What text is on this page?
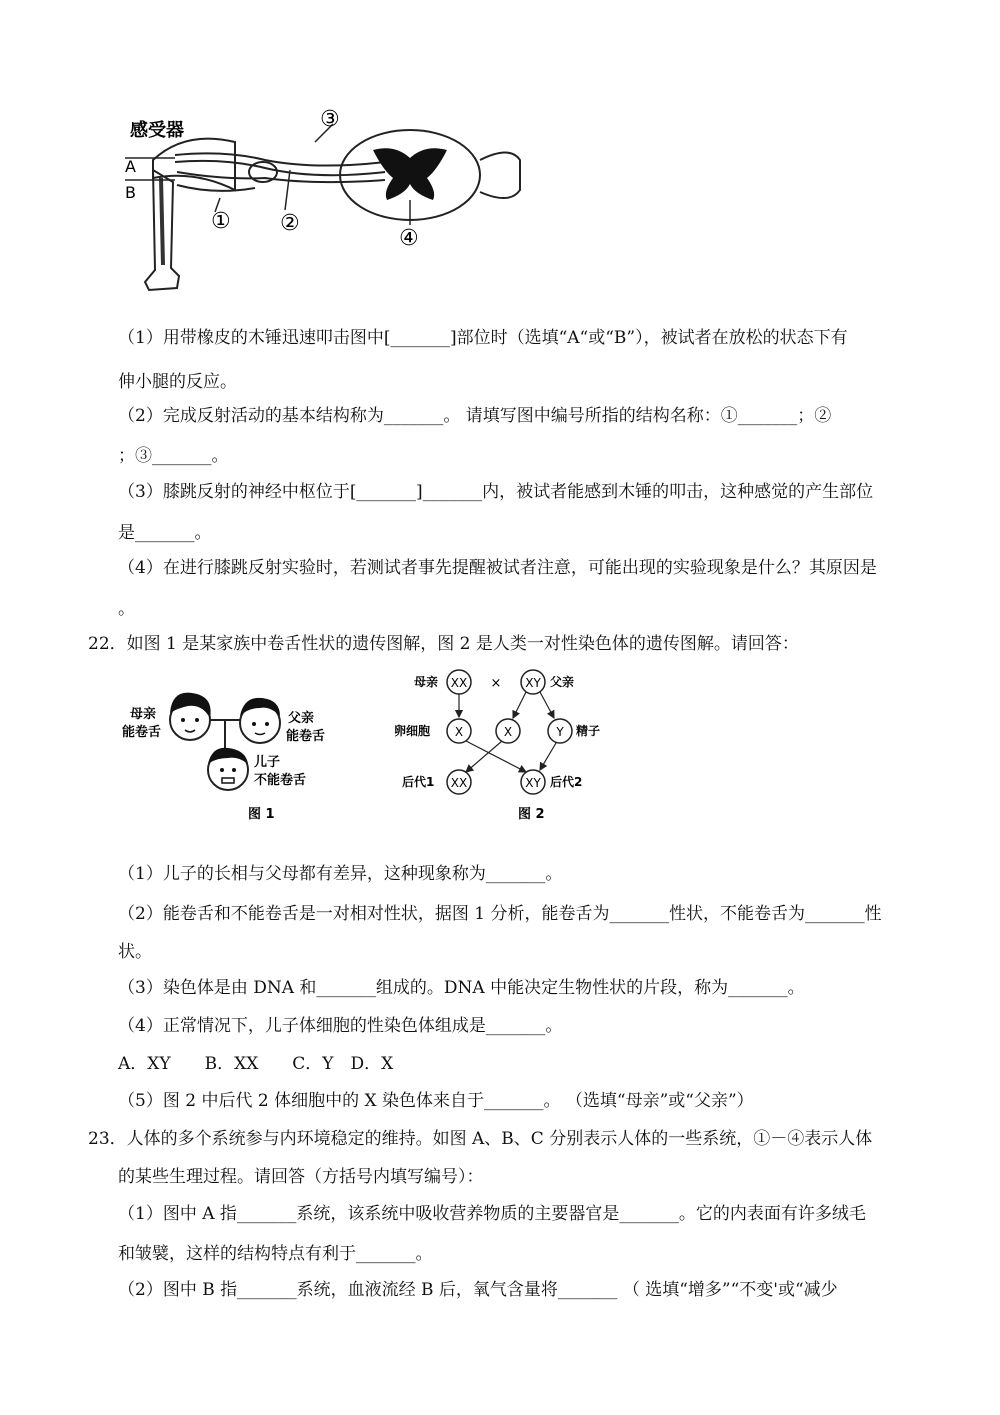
感受器
A
B
① ②
③
④
（1）用带橡皮的木锤迅速叩击图中[_______]部位时（选填“A“或“B”），被试者在放松的状态下有
伸小腿的反应。
（2）完成反射活动的基本结构称为_______。 请填写图中编号所指的结构名称：①_______；②
；③_______。
（3）膝跳反射的神经中枢位于[_______]_______内，被试者能感到木锤的叩击，这种感觉的产生部位
是_______。
（4）在进行膝跳反射实验时，若测试者事先提醒被试者注意，可能出现的实验现象是什么？其原因是
。
22．如图 1 是某家族中卷舌性状的遗传图解，图 2 是人类一对性染色体的遗传图解。请回答：
母亲
能卷舌
父亲
能卷舌
儿子
不能卷舌
图 1
XX	XY
X	X	Y
XX	XY
×
母亲	父亲
卵细胞	精子
后代1	后代2
图 2
（1）儿子的长相与父母都有差异，这种现象称为_______。
（2）能卷舌和不能卷舌是一对相对性状，据图 1 分析，能卷舌为_______性状，不能卷舌为_______性
状。
（3）染色体是由 DNA 和_______组成的。DNA 中能决定生物性状的片段，称为_______。
（4）正常情况下，儿子体细胞的性染色体组成是_______。
A．XY　　B．XX　　C．Y　D．X
（5）图 2 中后代 2 体细胞中的 X 染色体来自于_______。 （选填“母亲”或“父亲”）
23．人体的多个系统参与内环境稳定的维持。如图 A、B、C 分别表示人体的一些系统，①－④表示人体
的某些生理过程。请回答（方括号内填写编号）：
（1）图中 A 指_______系统，该系统中吸收营养物质的主要器官是_______。它的内表面有许多绒毛
和皱襞，这样的结构特点有利于_______。
（2）图中 B 指_______系统，血液流经 B 后，氧气含量将_______ （ 选填“增多”“不变'或“减少
